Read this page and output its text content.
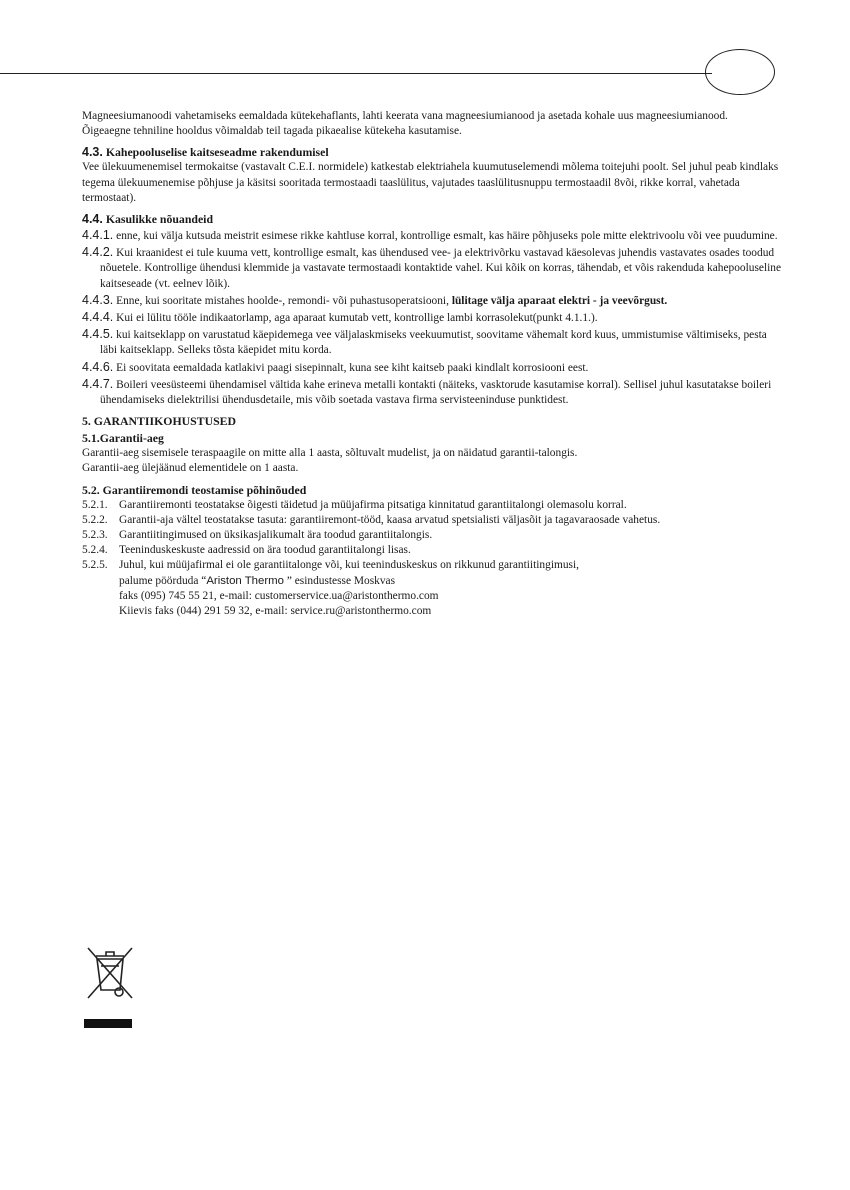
Magneesiumanoodi vahetamiseks eemaldada kütekehaflants, lahti keerata vana magneesiumianood ja asetada kohale uus magneesiumianood.

Õigeaegne tehniline hooldus võimaldab teil tagada pikaealise kütekeha kasutamise.

4.3. Kahepooluselise kaitseseadme rakendumisel

Vee ülekuumenemisel termokaitse (vastavalt C.E.I. normidele) katkestab elektriahela kuumutuselemendi mõlema toitejuhi poolt. Sel juhul peab kindlaks tegema ülekuumenemise põhjuse ja käsitsi sooritada termostaadi taaslülitus, vajutades taaslülitusnuppu termostaadil 8või, rikke korral, vahetada termostaat).

4.4. Kasulikke nõuandeid

4.4.1. enne, kui välja kutsuda meistrit esimese rikke kahtluse korral, kontrollige esmalt, kas häire põhjuseks pole mitte elektrivoolu või vee puudumine.

4.4.2. Kui kraanidest ei tule kuuma vett, kontrollige esmalt, kas ühendused vee- ja elektrivõrku vastavad käesolevas juhendis vastavates osades toodud nõuetele. Kontrollige ühendusi klemmide ja vastavate termostaadi kontaktide vahel. Kui kõik on korras, tähendab, et võis rakenduda kahepooluseline kaitseseade (vt. eelnev lõik).

4.4.3. Enne, kui sooritate mistahes hoolde-, remondi- või puhastusoperatsiooni, lülitage välja aparaat elektri - ja veevõrgust.

4.4.4. Kui ei lülitu tööle indikaatorlamp, aga aparaat kumutab vett, kontrollige lambi korrasolekut(punkt 4.1.1.).

4.4.5. kui kaitseklapp on varustatud käepidemega vee väljalaskmiseks veekuumutist, soovitame vähemalt kord kuus, ummistumise vältimiseks, pesta läbi kaitseklapp. Selleks tõsta käepidet mitu korda.

4.4.6. Ei soovitata eemaldada katlakivi paagi sisepinnalt, kuna see kiht kaitseb paaki kindlalt korrosiooni eest.

4.4.7. Boileri veesüsteemi ühendamisel vältida kahe erineva metalli kontakti (näiteks, vasktorude kasutamise korral). Sellisel juhul kasutatakse boileri ühendamiseks dielektrilisi ühendusdetaile, mis võib soetada vastava firma servisteeninduse punktidest.

5. GARANTIIKOHUSTUSED
5.1.Garantii-aeg

Garantii-aeg sisemisele teraspaagile on mitte alla 1 aasta, sõltuvalt mudelist, ja on näidatud garantii-talongis.

Garantii-aeg ülejäänud elementidele on 1 aasta.

5.2. Garantiiremondi teostamise põhinõuded
5.2.1. Garantiiremonti teostatakse õigesti täidetud ja müüjafirma pitsatiga kinnitatud garantiitalongi olemasolu korral.
5.2.2. Garantii-aja vältel teostatakse tasuta: garantiiremont-tööd, kaasa arvatud spetsialisti väljasõit ja tagavaraosade vahetus.
5.2.3. Garantiitingimused on üksikasjalikumalt ära toodud garantiitalongis.
5.2.4. Teeninduskeskuste aadressid on ära toodud garantiitalongi lisas.
5.2.5. Juhul, kui müüjafirmal ei ole garantiitalonge või, kui teeninduskeskus on rikkunud garantiitingimusi,
palume pöörduda “Ariston Thermo ” esindustesse Moskvas
faks (095) 745 55 21, e-mail: customerservice.ua@aristonthermo.com
Kiievis faks (044) 291 59 32, e-mail: service.ru@aristonthermo.com
